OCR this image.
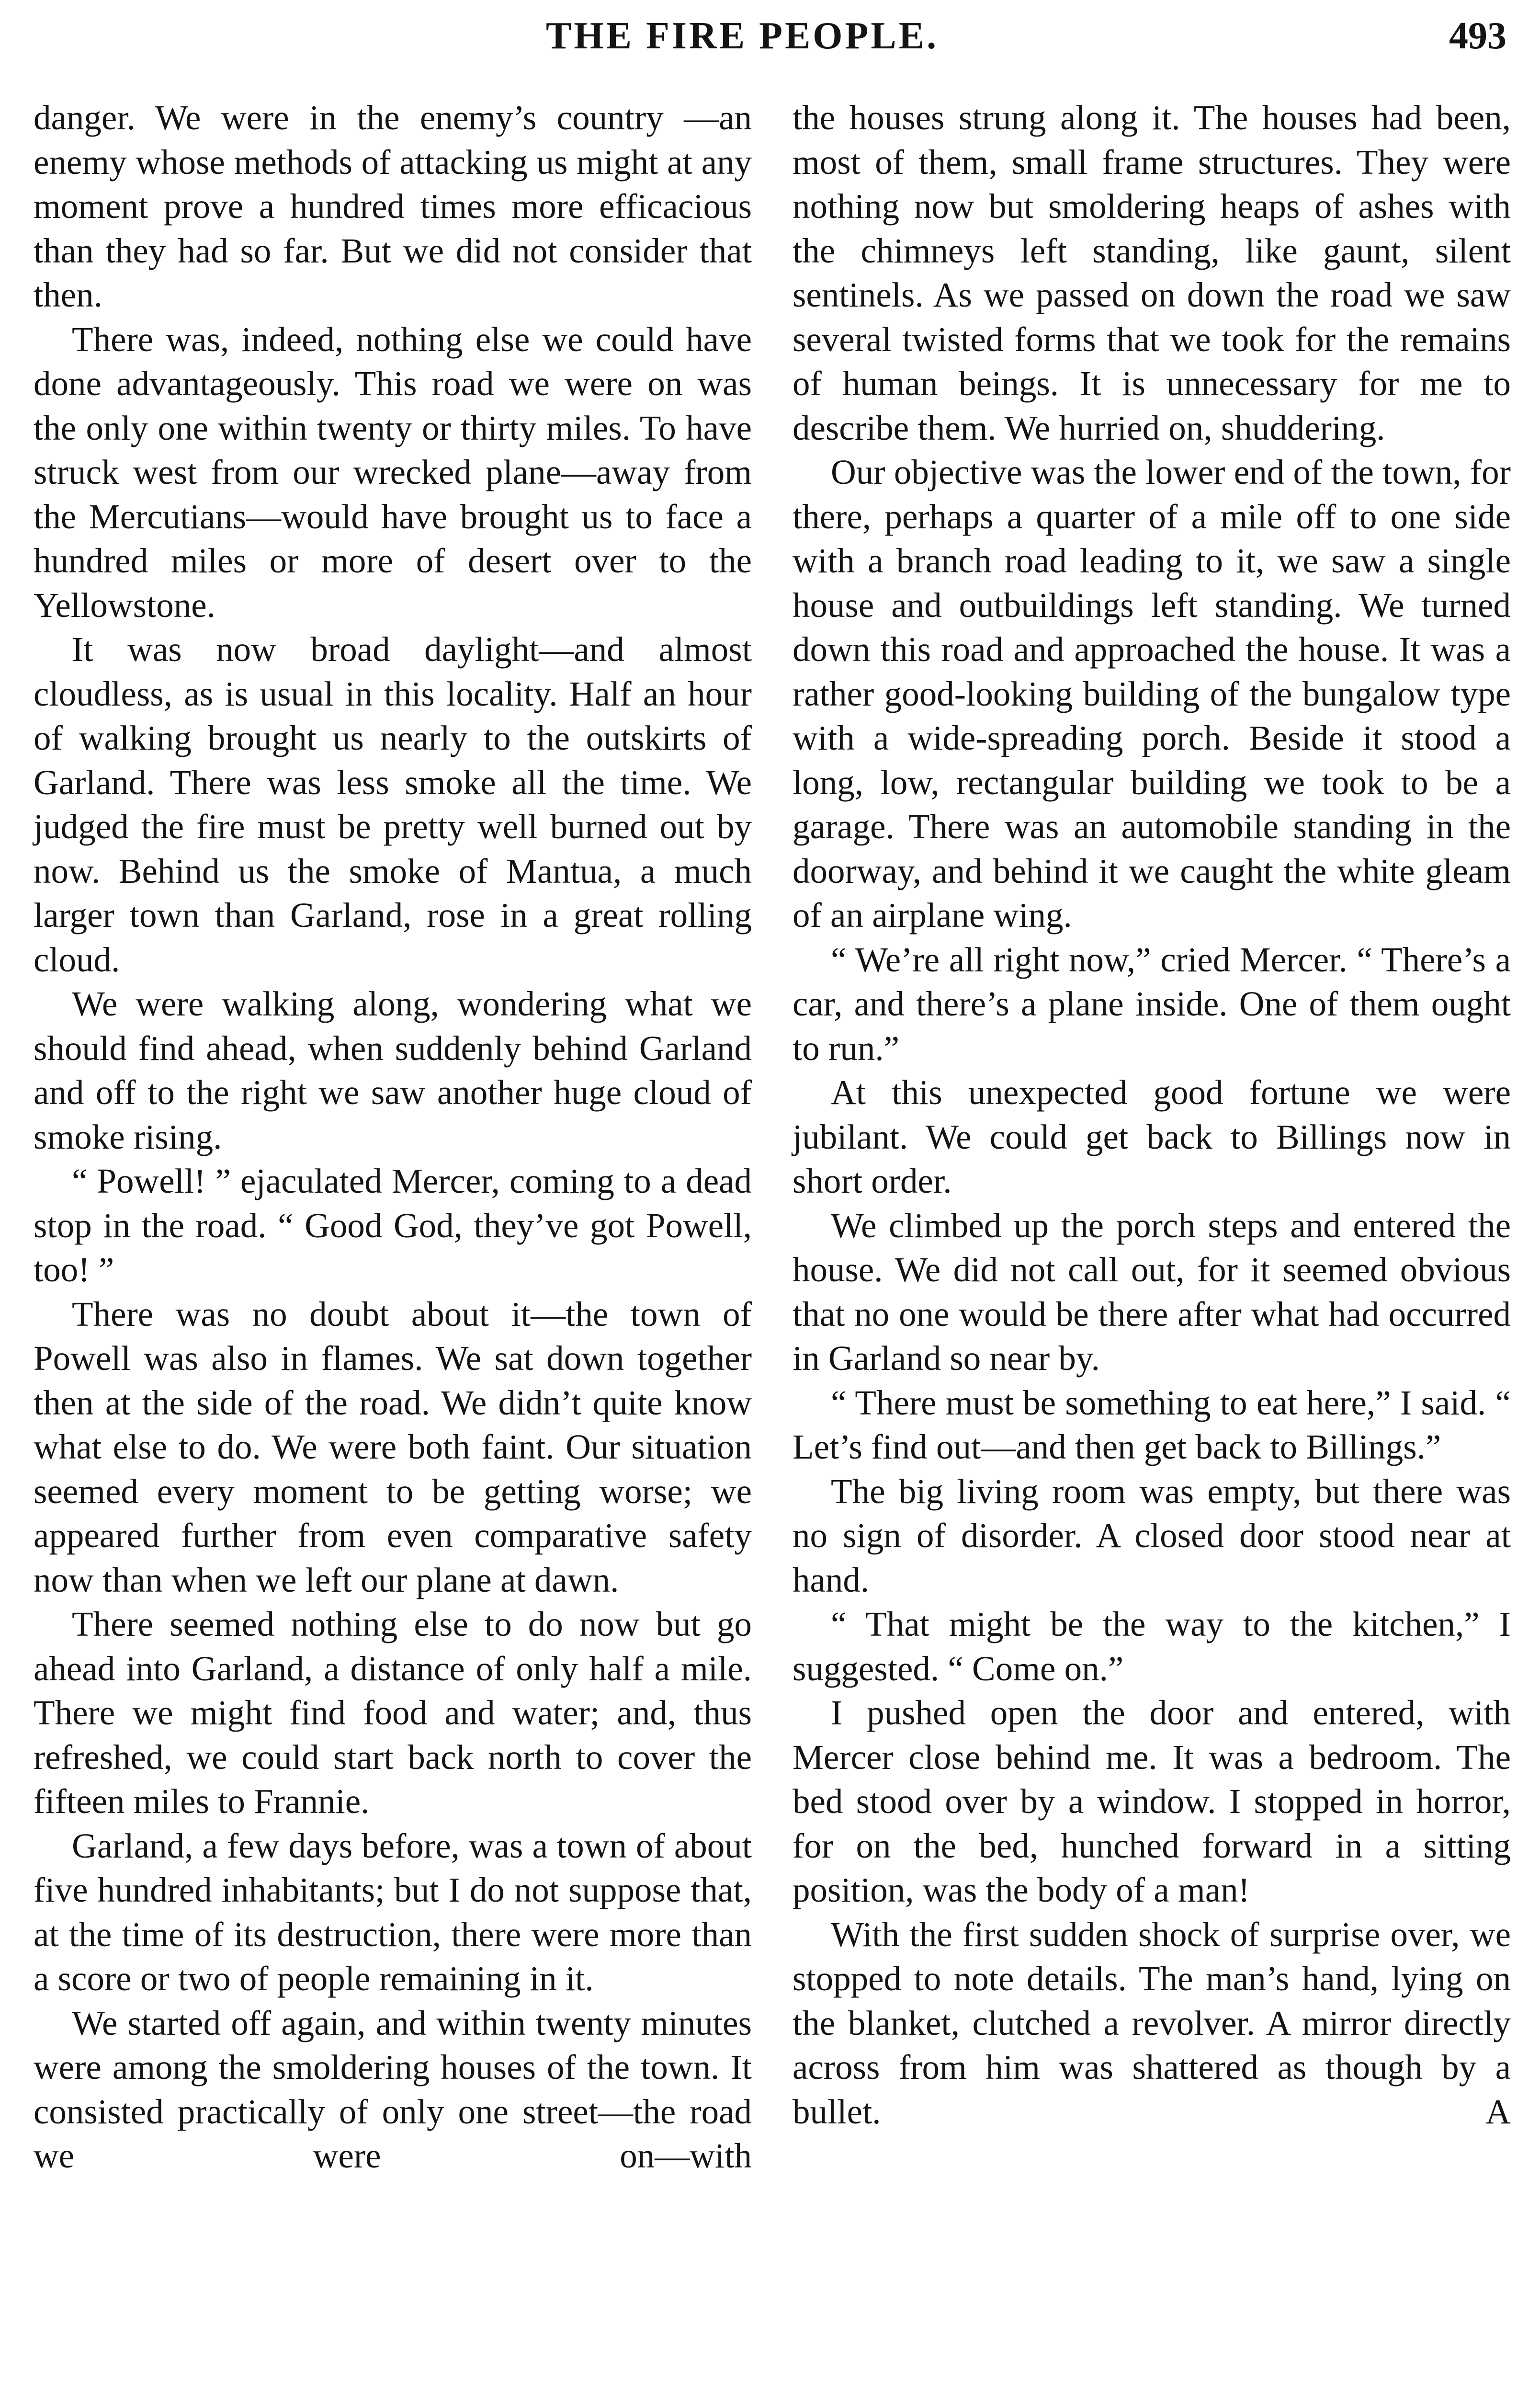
THE FIRE PEOPLE.	493

danger. We were in the enemy’s country —an enemy whose methods of attacking us might at any moment prove a hundred times more efficacious than they had so far. But we did not consider that then.

There was, indeed, nothing else we could have done advantageously. This road we were on was the only one within twenty or thirty miles. To have struck west from our wrecked plane—away from the Mercutians—would have brought us to face a hundred miles or more of desert over to the Yellowstone.

It was now broad daylight—and almost cloudless, as is usual in this locality. Half an hour of walking brought us nearly to the outskirts of Garland. There was less smoke all the time. We judged the fire must be pretty well burned out by now. Behind us the smoke of Mantua, a much larger town than Garland, rose in a great rolling cloud.

We were walking along, wondering what we should find ahead, when suddenly behind Garland and off to the right we saw another huge cloud of smoke rising.

“ Powell! ” ejaculated Mercer, coming to a dead stop in the road. “ Good God, they’ve got Powell, too! ”

There was no doubt about it—the town of Powell was also in flames. We sat down together then at the side of the road. We didn’t quite know what else to do. We were both faint. Our situation seemed every moment to be getting worse; we appeared further from even comparative safety now than when we left our plane at dawn.

There seemed nothing else to do now but go ahead into Garland, a distance of only half a mile. There we might find food and water; and, thus refreshed, we could start back north to cover the fifteen miles to Frannie.

Garland, a few days before, was a town of about five hundred inhabitants; but I do not suppose that, at the time of its destruction, there were more than a score or two of people remaining in it.

We started off again, and within twenty minutes were among the smoldering houses of the town. It consisted practically of only one street—the road we were on—with

the houses strung along it. The houses had been, most of them, small frame structures. They were nothing now but smoldering heaps of ashes with the chimneys left standing, like gaunt, silent sentinels. As we passed on down the road we saw several twisted forms that we took for the remains of human beings. It is unnecessary for me to describe them. We hurried on, shuddering.

Our objective was the lower end of the town, for there, perhaps a quarter of a mile off to one side with a branch road leading to it, we saw a single house and outbuildings left standing. We turned down this road and approached the house. It was a rather good-looking building of the bungalow type with a wide-spreading porch. Beside it stood a long, low, rectangular building we took to be a garage. There was an automobile standing in the doorway, and behind it we caught the white gleam of an airplane wing.

“ We’re all right now,” cried Mercer. “ There’s a car, and there’s a plane inside. One of them ought to run.”

At this unexpected good fortune we were jubilant. We could get back to Billings now in short order.

We climbed up the porch steps and entered the house. We did not call out, for it seemed obvious that no one would be there after what had occurred in Garland so near by.

“ There must be something to eat here,” I said. “ Let’s find out—and then get back to Billings.”

The big living room was empty, but there was no sign of disorder. A closed door stood near at hand.

“ That might be the way to the kitchen,” I suggested. “ Come on.”

I pushed open the door and entered, with Mercer close behind me. It was a bedroom. The bed stood over by a window. I stopped in horror, for on the bed, hunched forward in a sitting position, was the body of a man!

With the first sudden shock of surprise over, we stopped to note details. The man’s hand, lying on the blanket, clutched a revolver. A mirror directly across from him was shattered as though by a bullet. A
